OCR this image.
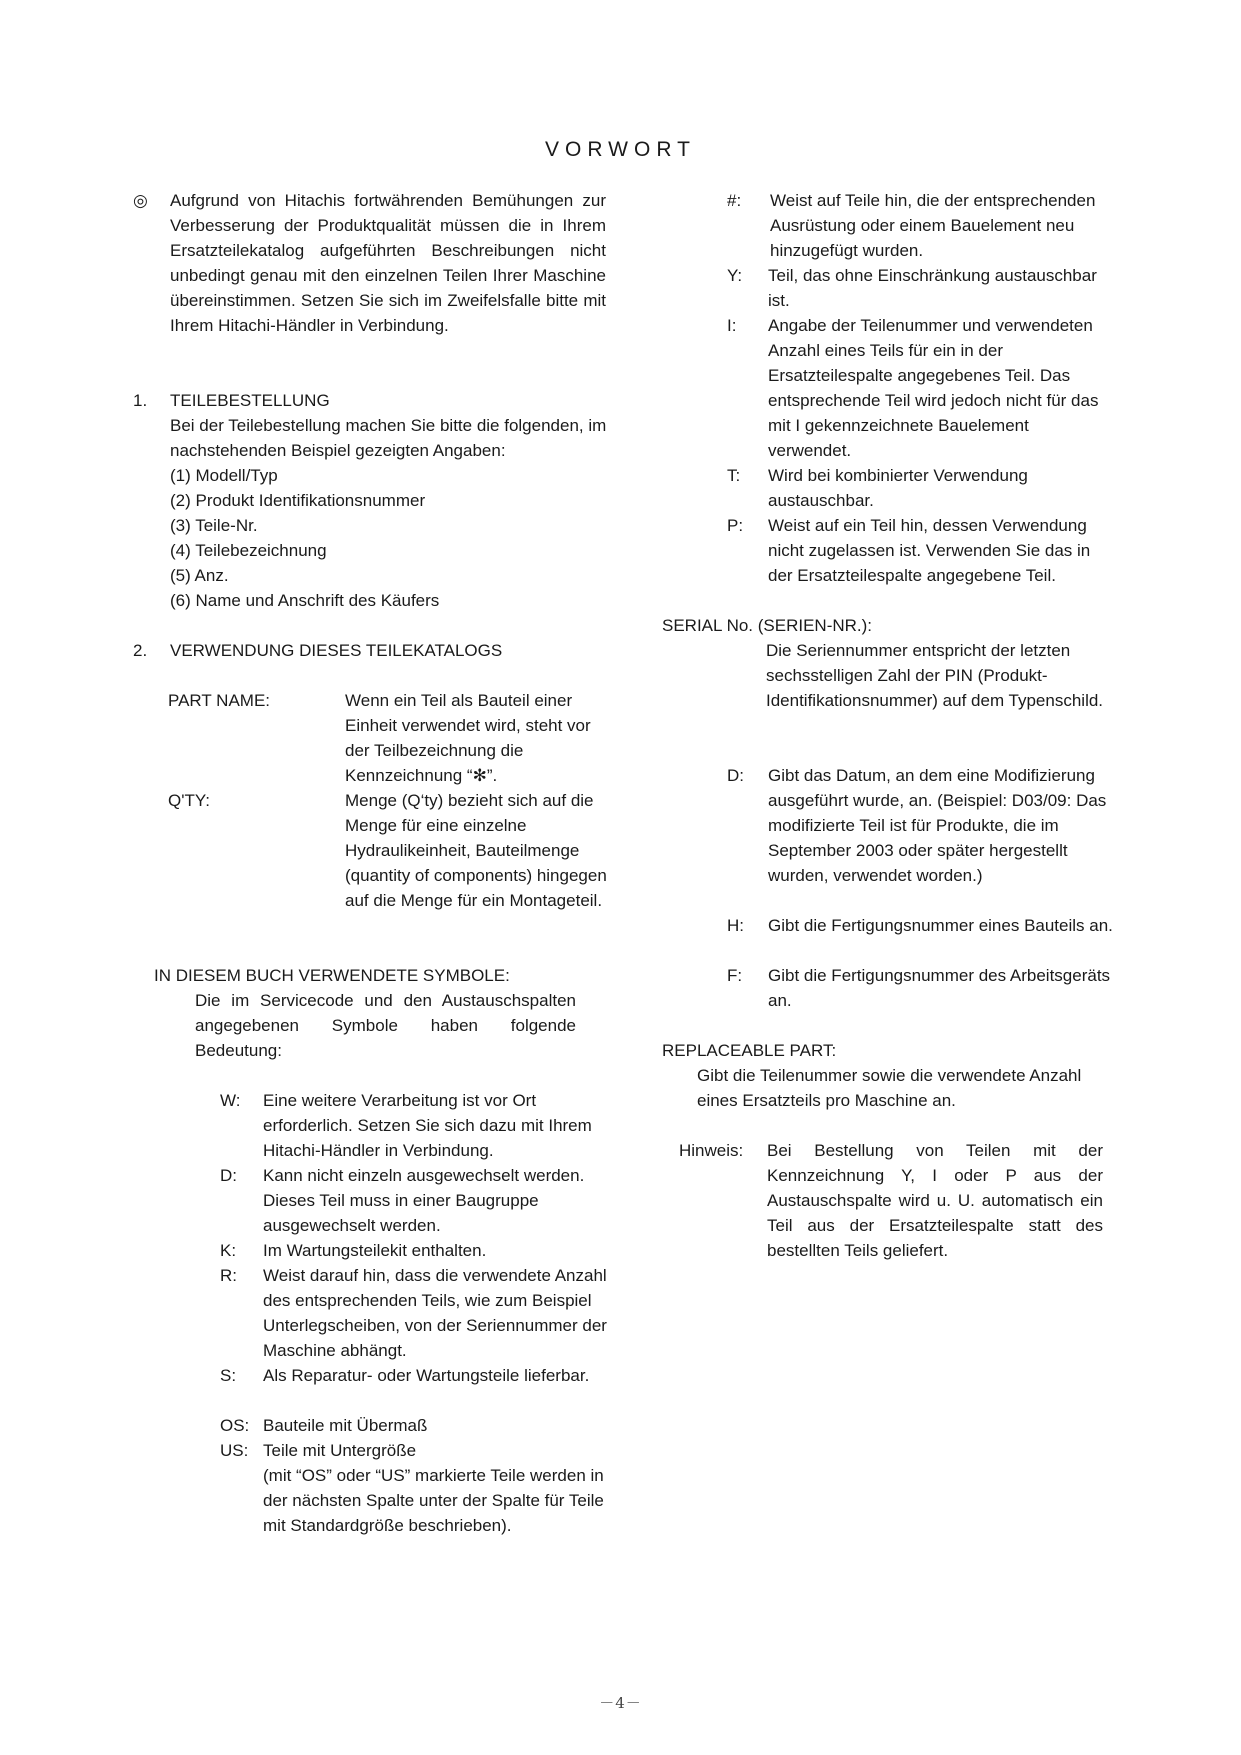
VORWORT
◎ Aufgrund von Hitachis fortwährenden Bemühungen zur Verbesserung der Produktqualität müssen die in Ihrem Ersatzteilekatalog aufgeführten Beschreibungen nicht unbedingt genau mit den einzelnen Teilen Ihrer Maschine übereinstimmen. Setzen Sie sich im Zweifelsfalle bitte mit Ihrem Hitachi-Händler in Verbindung.

1. TEILEBESTELLUNG

Bei der Teilebestellung machen Sie bitte die folgenden, im nachstehenden Beispiel gezeigten Angaben:

(1) Modell/Typ
(2) Produkt Identifikationsnummer
(3) Teile-Nr.
(4) Teilebezeichnung
(5) Anz.
(6) Name und Anschrift des Käufers
2. VERWENDUNG DIESES TEILEKATALOGS
PART NAME:	Wenn ein Teil als Bauteil einer Einheit verwendet wird, steht vor der Teilbezeichnung die Kennzeichnung “✻”.

Q'TY:	Menge (Q‘ty) bezieht sich auf die Menge für eine einzelne Hydraulikeinheit, Bauteilmenge (quantity of components) hingegen auf die Menge für ein Montageteil.

IN DIESEM BUCH VERWENDETE SYMBOLE:

Die im Servicecode und den Austauschspalten angegebenen Symbole haben folgende Bedeutung:

W: Eine weitere Verarbeitung ist vor Ort erforderlich. Setzen Sie sich dazu mit Ihrem Hitachi-Händler in Verbindung.

D: Kann nicht einzeln ausgewechselt werden. Dieses Teil muss in einer Baugruppe ausgewechselt werden.

K: Im Wartungsteilekit enthalten.

R: Weist darauf hin, dass die verwendete Anzahl des entsprechenden Teils, wie zum Beispiel Unterlegscheiben, von der Seriennummer der Maschine abhängt.

S: Als Reparatur- oder Wartungsteile lieferbar.

OS: Bauteile mit Übermaß

US: Teile mit Untergröße

(mit “OS” oder “US” markierte Teile werden in der nächsten Spalte unter der Spalte für Teile mit Standardgröße beschrieben).

#: Weist auf Teile hin, die der entsprechenden Ausrüstung oder einem Bauelement neu hinzugefügt wurden.

Y: Teil, das ohne Einschränkung austauschbar ist.

I: Angabe der Teilenummer und verwendeten Anzahl eines Teils für ein in der Ersatzteilespalte angegebenes Teil. Das entsprechende Teil wird jedoch nicht für das mit I gekennzeichnete Bauelement verwendet.

T: Wird bei kombinierter Verwendung austauschbar.

P: Weist auf ein Teil hin, dessen Verwendung nicht zugelassen ist. Verwenden Sie das in der Ersatzteilespalte angegebene Teil.

SERIAL No. (SERIEN-NR.):

Die Seriennummer entspricht der letzten sechsstelligen Zahl der PIN (Produkt-Identifikationsnummer) auf dem Typenschild.

D: Gibt das Datum, an dem eine Modifizierung ausgeführt wurde, an. (Beispiel: D03/09: Das modifizierte Teil ist für Produkte, die im September 2003 oder später hergestellt wurden, verwendet worden.)

H: Gibt die Fertigungsnummer eines Bauteils an.

F: Gibt die Fertigungsnummer des Arbeitsgeräts an.

REPLACEABLE PART:

Gibt die Teilenummer sowie die verwendete Anzahl eines Ersatzteils pro Maschine an.

Hinweis: Bei Bestellung von Teilen mit der Kennzeichnung Y, I oder P aus der Austauschspalte wird u. U. automatisch ein Teil aus der Ersatzteilespalte statt des bestellten Teils geliefert.

－4－
